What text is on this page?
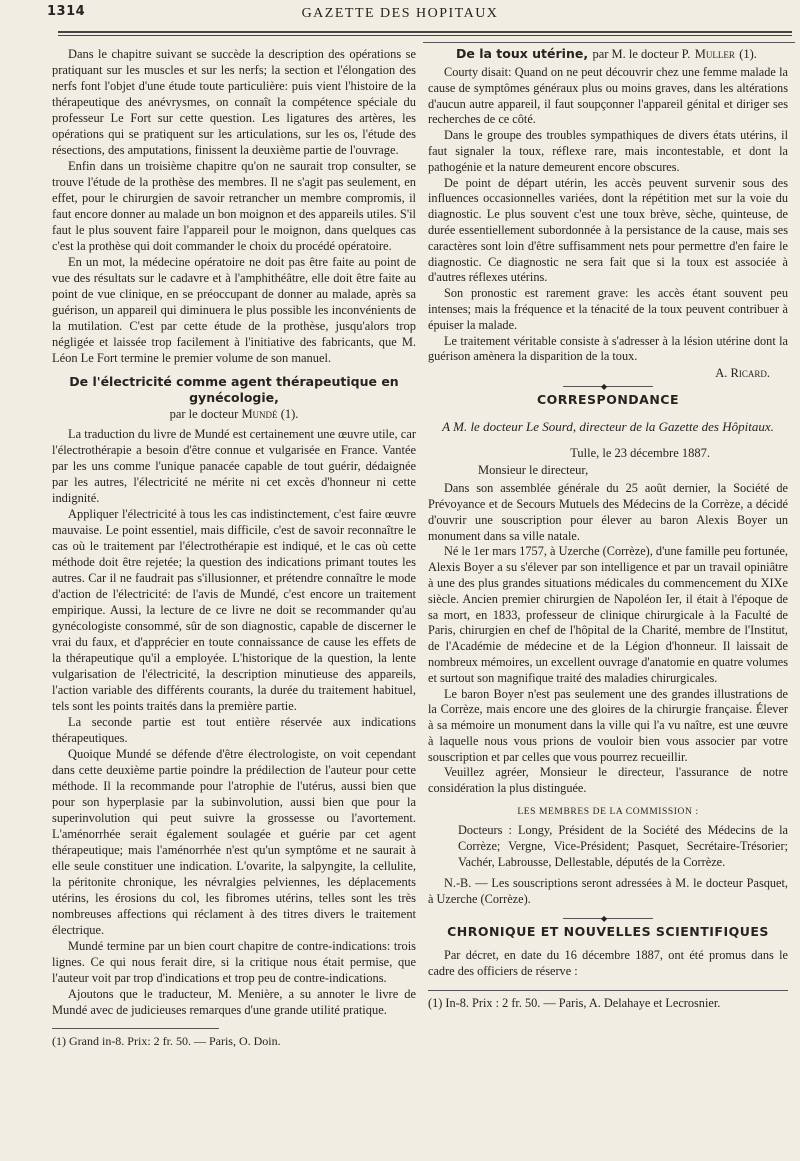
1314	GAZETTE DES HOPITAUX

Dans le chapitre suivant se succède la description des opérations se pratiquant sur les muscles et sur les nerfs; la section et l'élongation des nerfs font l'objet d'une étude toute particulière: puis vient l'histoire de la thérapeutique des anévrysmes, on connaît la compétence spéciale du professeur Le Fort sur cette question. Les ligatures des artères, les opérations qui se pratiquent sur les articulations, sur les os, l'étude des résections, des amputations, finissent la deuxième partie de l'ouvrage.

Enfin dans un troisième chapitre qu'on ne saurait trop consulter, se trouve l'étude de la prothèse des membres. Il ne s'agit pas seulement, en effet, pour le chirurgien de savoir retrancher un membre compromis, il faut encore donner au malade un bon moignon et des appareils utiles. S'il faut le plus souvent faire l'appareil pour le moignon, dans quelques cas c'est la prothèse qui doit commander le choix du procédé opératoire.

En un mot, la médecine opératoire ne doit pas être faite au point de vue des résultats sur le cadavre et à l'amphithéâtre, elle doit être faite au point de vue clinique, en se préoccupant de donner au malade, après sa guérison, un appareil qui diminuera le plus possible les inconvénients de la mutilation. C'est par cette étude de la prothèse, jusqu'alors trop négligée et laissée trop facilement à l'initiative des fabricants, que M. Léon Le Fort termine le premier volume de son manuel.

De l'électricité comme agent thérapeutique en gynécologie,
par le docteur Mundé (1).

La traduction du livre de Mundé est certainement une œuvre utile, car l'électrothérapie a besoin d'être connue et vulgarisée en France. Vantée par les uns comme l'unique panacée capable de tout guérir, dédaignée par les autres, l'électricité ne mérite ni cet excès d'honneur ni cette indignité.

Appliquer l'électricité à tous les cas indistinctement, c'est faire œuvre mauvaise. Le point essentiel, mais difficile, c'est de savoir reconnaître le cas où le traitement par l'électrothérapie est indiqué, et le cas où cette méthode doit être rejetée; la question des indications primant toutes les autres. Car il ne faudrait pas s'illusionner, et prétendre connaître le mode d'action de l'électricité: de l'avis de Mundé, c'est encore un traitement empirique. Aussi, la lecture de ce livre ne doit se recommander qu'au gynécologiste consommé, sûr de son diagnostic, capable de discerner le vrai du faux, et d'apprécier en toute connaissance de cause les effets de la thérapeutique qu'il a employée. L'historique de la question, la lente vulgarisation de l'électricité, la description minutieuse des appareils, l'action variable des différents courants, la durée du traitement habituel, tels sont les points traités dans la première partie.

La seconde partie est tout entière réservée aux indications thérapeutiques.

Quoique Mundé se défende d'être électrologiste, on voit cependant dans cette deuxième partie poindre la prédilection de l'auteur pour cette méthode. Il la recommande pour l'atrophie de l'utérus, aussi bien que pour son hyperplasie par la subinvolution, aussi bien que pour la superinvolution qui peut suivre la grossesse ou l'avortement. L'aménorrhée serait également soulagée et guérie par cet agent thérapeutique; mais l'aménorrhée n'est qu'un symptôme et ne saurait à elle seule constituer une indication. L'ovarite, la salpyngite, la cellulite, la péritonite chronique, les névralgies pelviennes, les déplacements utérins, les érosions du col, les fibromes utérins, telles sont les très nombreuses affections qui réclament à des titres divers le traitement électrique.

Mundé termine par un bien court chapitre de contre-indications: trois lignes. Ce qui nous ferait dire, si la critique nous était permise, que l'auteur voit par trop d'indications et trop peu de contre-indications.

Ajoutons que le traducteur, M. Menière, a su annoter le livre de Mundé avec de judicieuses remarques d'une grande utilité pratique.

(1) Grand in-8. Prix: 2 fr. 50. — Paris, O. Doin.

De la toux utérine, par M. le docteur P. Muller (1).

Courty disait: Quand on ne peut découvrir chez une femme malade la cause de symptômes généraux plus ou moins graves, dans les altérations d'aucun autre appareil, il faut soupçonner l'appareil génital et diriger ses recherches de ce côté.

Dans le groupe des troubles sympathiques de divers états utérins, il faut signaler la toux, réflexe rare, mais incontestable, et dont la pathogénie et la nature demeurent encore obscures.

De point de départ utérin, les accès peuvent survenir sous des influences occasionnelles variées, dont la répétition met sur la voie du diagnostic. Le plus souvent c'est une toux brève, sèche, quinteuse, de durée essentiellement subordonnée à la persistance de la cause, mais ses caractères sont loin d'être suffisamment nets pour permettre d'en faire le diagnostic. Ce diagnostic ne sera fait que si la toux est associée à d'autres réflexes utérins.

Son pronostic est rarement grave: les accès étant souvent peu intenses; mais la fréquence et la ténacité de la toux peuvent contribuer à épuiser la malade.

Le traitement véritable consiste à s'adresser à la lésion utérine dont la guérison amènera la disparition de la toux.

A. Ricard.
◆
CORRESPONDANCE
A M. le docteur Le Sourd, directeur de la Gazette des Hôpitaux.
Tulle, le 23 décembre 1887.
Monsieur le directeur,

Dans son assemblée générale du 25 août dernier, la Société de Prévoyance et de Secours Mutuels des Médecins de la Corrèze, a décidé d'ouvrir une souscription pour élever au baron Alexis Boyer un monument dans sa ville natale.

Né le 1er mars 1757, à Uzerche (Corrèze), d'une famille peu fortunée, Alexis Boyer a su s'élever par son intelligence et par un travail opiniâtre à une des plus grandes situations médicales du commencement du XIXe siècle. Ancien premier chirurgien de Napoléon Ier, il était à l'époque de sa mort, en 1833, professeur de clinique chirurgicale à la Faculté de Paris, chirurgien en chef de l'hôpital de la Charité, membre de l'Institut, de l'Académie de médecine et de la Légion d'honneur. Il laissait de nombreux mémoires, un excellent ouvrage d'anatomie en quatre volumes et surtout son magnifique traité des maladies chirurgicales.

Le baron Boyer n'est pas seulement une des grandes illustrations de la Corrèze, mais encore une des gloires de la chirurgie française. Élever à sa mémoire un monument dans la ville qui l'a vu naître, est une œuvre à laquelle nous vous prions de vouloir bien vous associer par votre souscription et par celles que vous pourrez recueillir.

Veuillez agréer, Monsieur le directeur, l'assurance de notre considération la plus distinguée.

LES MEMBRES DE LA COMMISSION :

Docteurs : Longy, Président de la Société des Médecins de la Corrèze; Vergne, Vice-Président; Pasquet, Secrétaire-Trésorier; Vachér, Labrousse, Dellestable, députés de la Corrèze.

N.-B. — Les souscriptions seront adressées à M. le docteur Pasquet, à Uzerche (Corrèze).

◆
CHRONIQUE ET NOUVELLES SCIENTIFIQUES

Par décret, en date du 16 décembre 1887, ont été promus dans le cadre des officiers de réserve :

(1) In-8. Prix : 2 fr. 50. — Paris, A. Delahaye et Lecrosnier.
